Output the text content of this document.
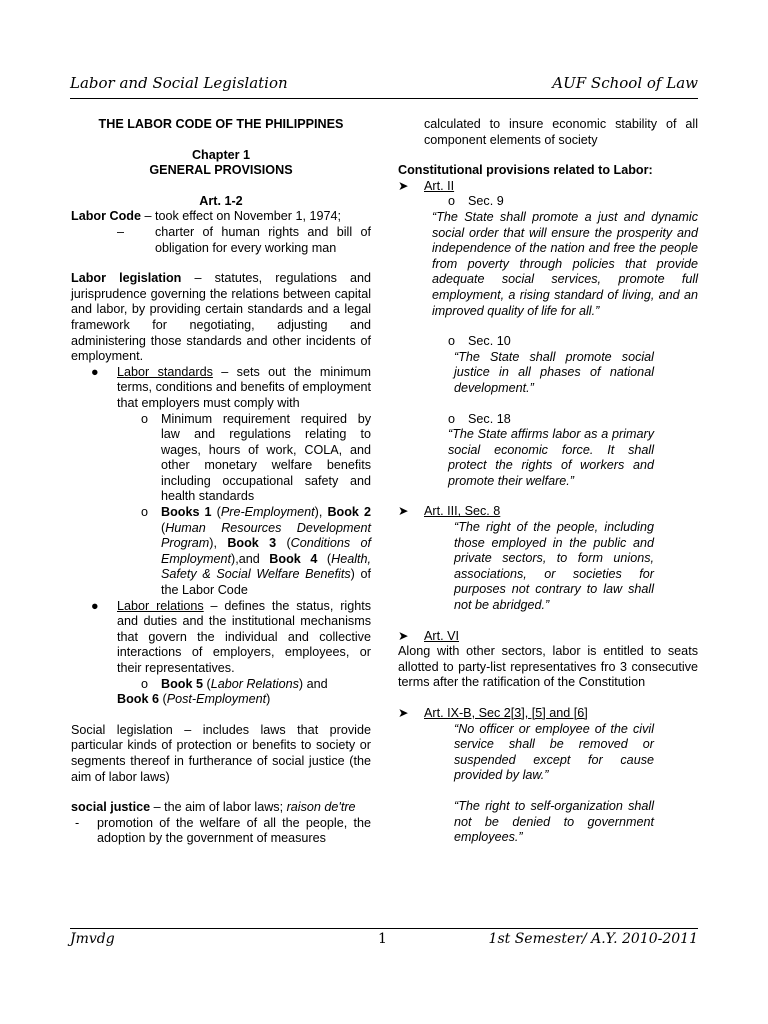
Labor and Social Legislation	AUF School of Law

THE LABOR CODE OF THE PHILIPPINES

Chapter 1

GENERAL PROVISIONS

Art. 1-2

Labor Code – took effect on November 1, 1974;

– charter of human rights and bill of obligation for every working man

Labor legislation – statutes, regulations and jurisprudence governing the relations between capital and labor, by providing certain standards and a legal framework for negotiating, adjusting and administering those standards and other incidents of employment.

● Labor standards – sets out the minimum terms, conditions and benefits of employment that employers must comply with

o Minimum requirement required by law and regulations relating to wages, hours of work, COLA, and other monetary welfare benefits including occupational safety and health standards

o Books 1 (Pre-Employment), Book 2 (Human Resources Development Program), Book 3 (Conditions of Employment),and Book 4 (Health, Safety & Social Welfare Benefits) of the Labor Code

● Labor relations – defines the status, rights and duties and the institutional mechanisms that govern the individual and collective interactions of employers, employees, or their representatives.

o Book 5 (Labor Relations) and

Book 6 (Post-Employment)

Social legislation – includes laws that provide particular kinds of protection or benefits to society or segments thereof in furtherance of social justice (the aim of labor laws)

social justice – the aim of labor laws; raison de'tre

- promotion of the welfare of all the people, the adoption by the government of measures

calculated to insure economic stability of all component elements of society

Constitutional provisions related to Labor:

➤ Art. II

o Sec. 9

“The State shall promote a just and dynamic social order that will ensure the prosperity and independence of the nation and free the people from poverty through policies that provide adequate social services, promote full employment, a rising standard of living, and an improved quality of life for all.”

o Sec. 10

“The State shall promote social justice in all phases of national development.”

o Sec. 18

“The State affirms labor as a primary social economic force. It shall protect the rights of workers and promote their welfare.”

➤ Art. III, Sec. 8

“The right of the people, including those employed in the public and private sectors, to form unions, associations, or societies for purposes not contrary to law shall not be abridged.”

➤ Art. VI

Along with other sectors, labor is entitled to seats allotted to party-list representatives fro 3 consecutive terms after the ratification of the Constitution

➤ Art. IX-B, Sec 2[3], [5] and [6]

“No officer or employee of the civil service shall be removed or suspended except for cause provided by law.”

“The right to self-organization shall not be denied to government employees.”

Jmvdg	1	1st Semester/ A.Y. 2010-2011
